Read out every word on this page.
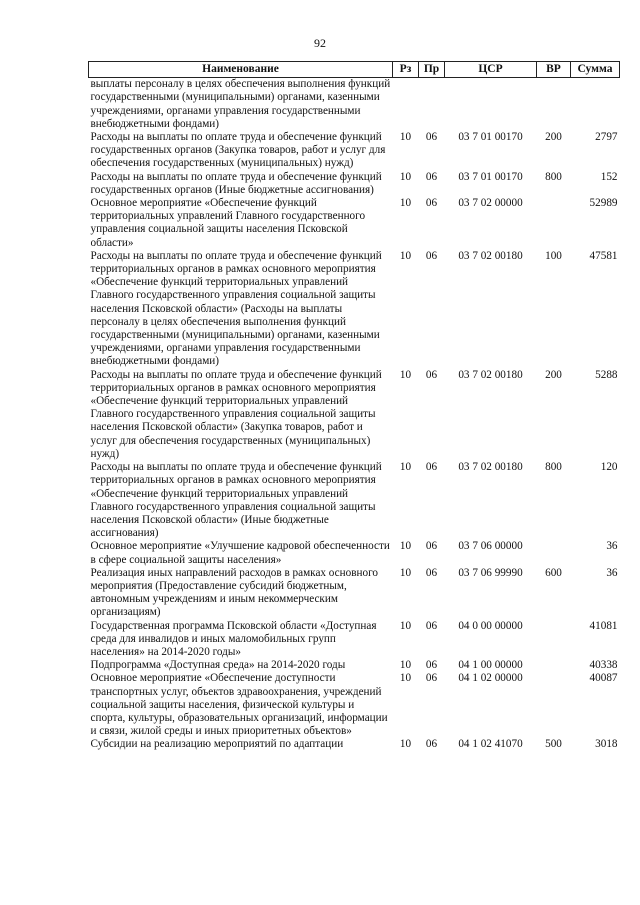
92
Наименование	Рз	Пр	ЦСР	ВР	Сумма
выплаты персоналу в целях обеспечения выполнения функций государственными (муниципальными) органами, казенными учреждениями, органами управления государственными внебюджетными фондами)					
Расходы на выплаты по оплате труда и обеспечение функций государственных органов (Закупка товаров, работ и услуг для обеспечения государственных (муниципальных) нужд)	10	06	03 7 01 00170	200	2797
Расходы на выплаты по оплате труда и обеспечение функций государственных органов (Иные бюджетные ассигнования)	10	06	03 7 01 00170	800	152
Основное мероприятие «Обеспечение функций территориальных управлений Главного государственного управления социальной защиты населения Псковской области»	10	06	03 7 02 00000		52989
Расходы на выплаты по оплате труда и обеспечение функций территориальных органов в рамках основного мероприятия «Обеспечение функций территориальных управлений Главного государственного управления социальной защиты населения Псковской области» (Расходы на выплаты персоналу в целях обеспечения выполнения функций государственными (муниципальными) органами, казенными учреждениями, органами управления государственными внебюджетными фондами)	10	06	03 7 02 00180	100	47581
Расходы на выплаты по оплате труда и обеспечение функций территориальных органов в рамках основного мероприятия «Обеспечение функций территориальных управлений Главного государственного управления социальной защиты населения Псковской области» (Закупка товаров, работ и услуг для обеспечения государственных (муниципальных) нужд)	10	06	03 7 02 00180	200	5288
Расходы на выплаты по оплате труда и обеспечение функций территориальных органов в рамках основного мероприятия «Обеспечение функций территориальных управлений Главного государственного управления социальной защиты населения Псковской области» (Иные бюджетные ассигнования)	10	06	03 7 02 00180	800	120
Основное мероприятие «Улучшение кадровой обеспеченности в сфере социальной защиты населения»	10	06	03 7 06 00000		36
Реализация иных направлений расходов в рамках основного мероприятия (Предоставление субсидий бюджетным, автономным учреждениям и иным некоммерческим организациям)	10	06	03 7 06 99990	600	36
Государственная программа Псковской области «Доступная среда для инвалидов и иных маломобильных групп населения» на 2014-2020 годы»	10	06	04 0 00 00000		41081
Подпрограмма «Доступная среда» на 2014-2020 годы	10	06	04 1 00 00000		40338
Основное мероприятие «Обеспечение доступности транспортных услуг, объектов здравоохранения, учреждений социальной защиты населения, физической культуры и спорта, культуры, образовательных организаций, информации и связи, жилой среды и иных приоритетных объектов»	10	06	04 1 02 00000		40087
Субсидии на реализацию мероприятий по адаптации	10	06	04 1 02 41070	500	3018
